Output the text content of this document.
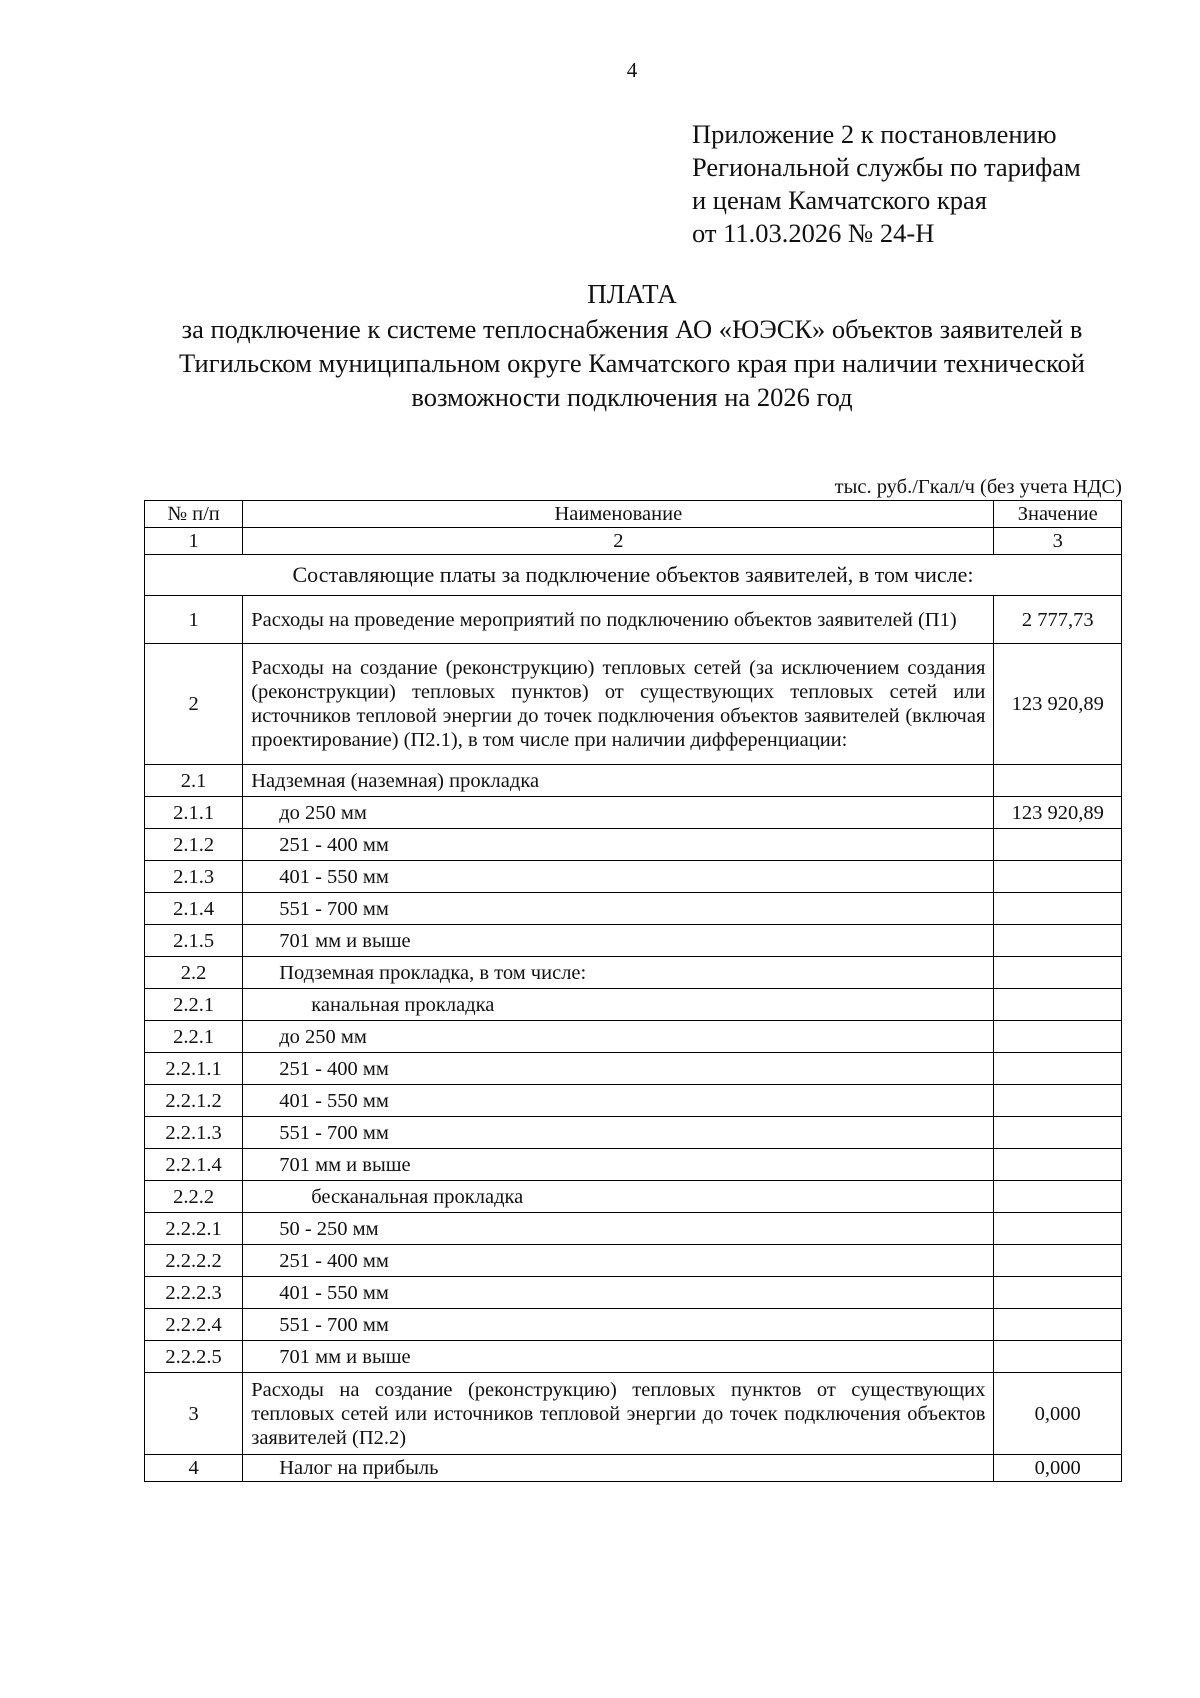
4
Приложение 2 к постановлению
Региональной службы по тарифам
и ценам Камчатского края
от 11.03.2026 № 24-Н
ПЛАТА
за подключение к системе теплоснабжения АО «ЮЭСК» объектов заявителей в Тигильском муниципальном округе Камчатского края при наличии технической возможности подключения на 2026 год
тыс. руб./Гкал/ч (без учета НДС)
№ п/п	Наименование	Значение
1	2	3
Составляющие платы за подключение объектов заявителей, в том числе:		
1	Расходы на проведение мероприятий по подключению объектов заявителей (П1)	2 777,73
2	Расходы на создание (реконструкцию) тепловых сетей (за исключением создания (реконструкции) тепловых пунктов) от существующих тепловых сетей или источников тепловой энергии до точек подключения объектов заявителей (включая проектирование) (П2.1), в том числе при наличии дифференциации:	123 920,89
2.1	Надземная (наземная) прокладка	
2.1.1	до 250 мм	123 920,89
2.1.2	251 - 400 мм	
2.1.3	401 - 550 мм	
2.1.4	551 - 700 мм	
2.1.5	701 мм и выше	
2.2	Подземная прокладка, в том числе:	
2.2.1	канальная прокладка	
2.2.1	до 250 мм	
2.2.1.1	251 - 400 мм	
2.2.1.2	401 - 550 мм	
2.2.1.3	551 - 700 мм	
2.2.1.4	701 мм и выше	
2.2.2	бесканальная прокладка	
2.2.2.1	50 - 250 мм	
2.2.2.2	251 - 400 мм	
2.2.2.3	401 - 550 мм	
2.2.2.4	551 - 700 мм	
2.2.2.5	701 мм и выше	
3	Расходы на создание (реконструкцию) тепловых пунктов от существующих тепловых сетей или источников тепловой энергии до точек подключения объектов заявителей (П2.2)	0,000
4	Налог на прибыль	0,000
